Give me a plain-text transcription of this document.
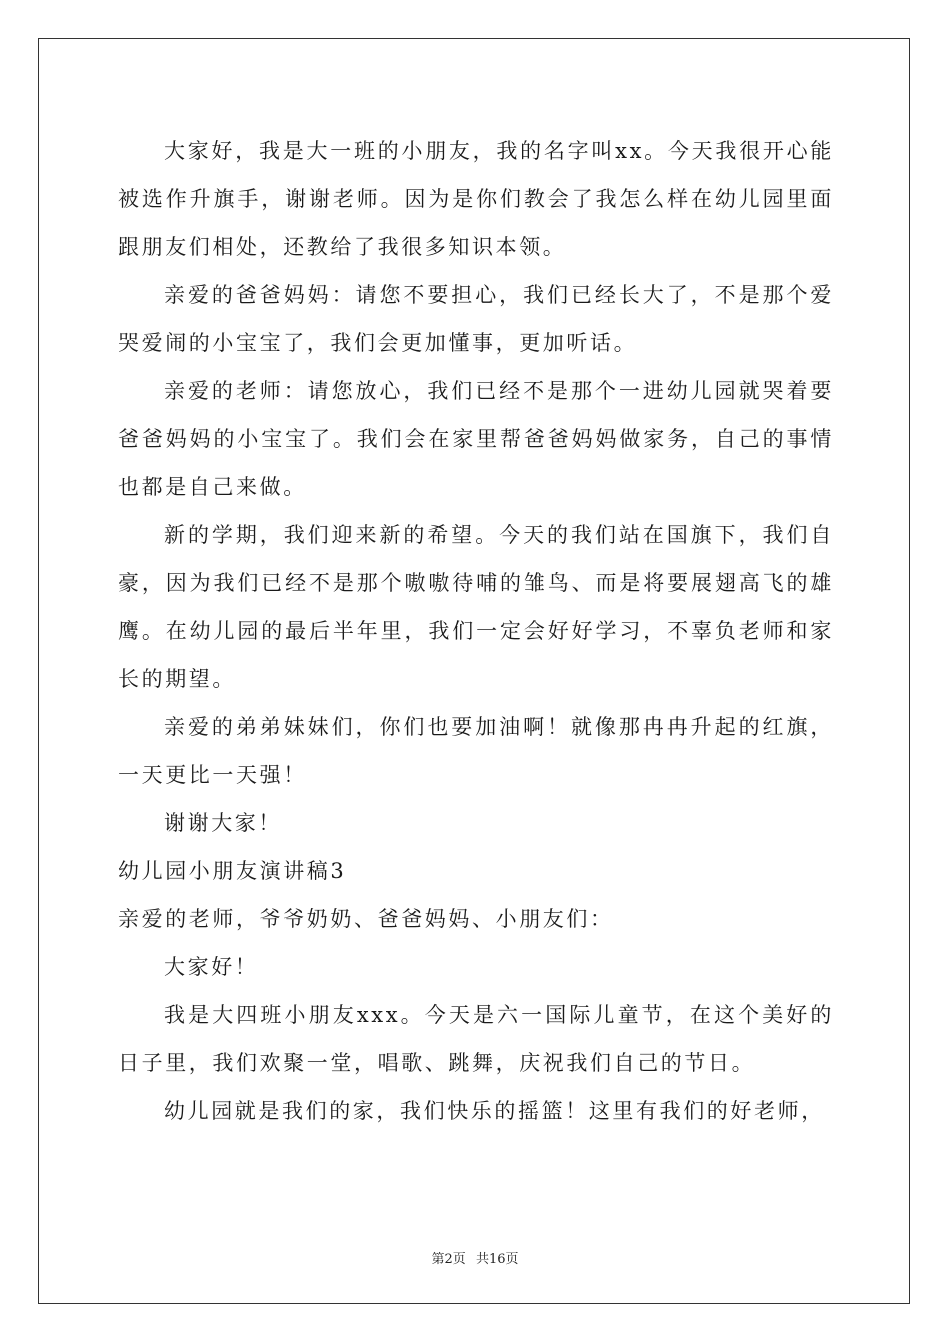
大家好，我是大一班的小朋友，我的名字叫xx。今天我很开心能被选作升旗手，谢谢老师。因为是你们教会了我怎么样在幼儿园里面跟朋友们相处，还教给了我很多知识本领。

亲爱的爸爸妈妈：请您不要担心，我们已经长大了，不是那个爱哭爱闹的小宝宝了，我们会更加懂事，更加听话。

亲爱的老师：请您放心，我们已经不是那个一进幼儿园就哭着要爸爸妈妈的小宝宝了。我们会在家里帮爸爸妈妈做家务，自己的事情也都是自己来做。

新的学期，我们迎来新的希望。今天的我们站在国旗下，我们自豪，因为我们已经不是那个嗷嗷待哺的雏鸟、而是将要展翅高飞的雄鹰。在幼儿园的最后半年里，我们一定会好好学习，不辜负老师和家长的期望。

亲爱的弟弟妹妹们，你们也要加油啊！就像那冉冉升起的红旗，一天更比一天强！

谢谢大家！

幼儿园小朋友演讲稿3

亲爱的老师，爷爷奶奶、爸爸妈妈、小朋友们：

大家好！

我是大四班小朋友xxx。今天是六一国际儿童节，在这个美好的日子里，我们欢聚一堂，唱歌、跳舞，庆祝我们自己的节日。

幼儿园就是我们的家，我们快乐的摇篮！这里有我们的好老师，

第2页 共16页
